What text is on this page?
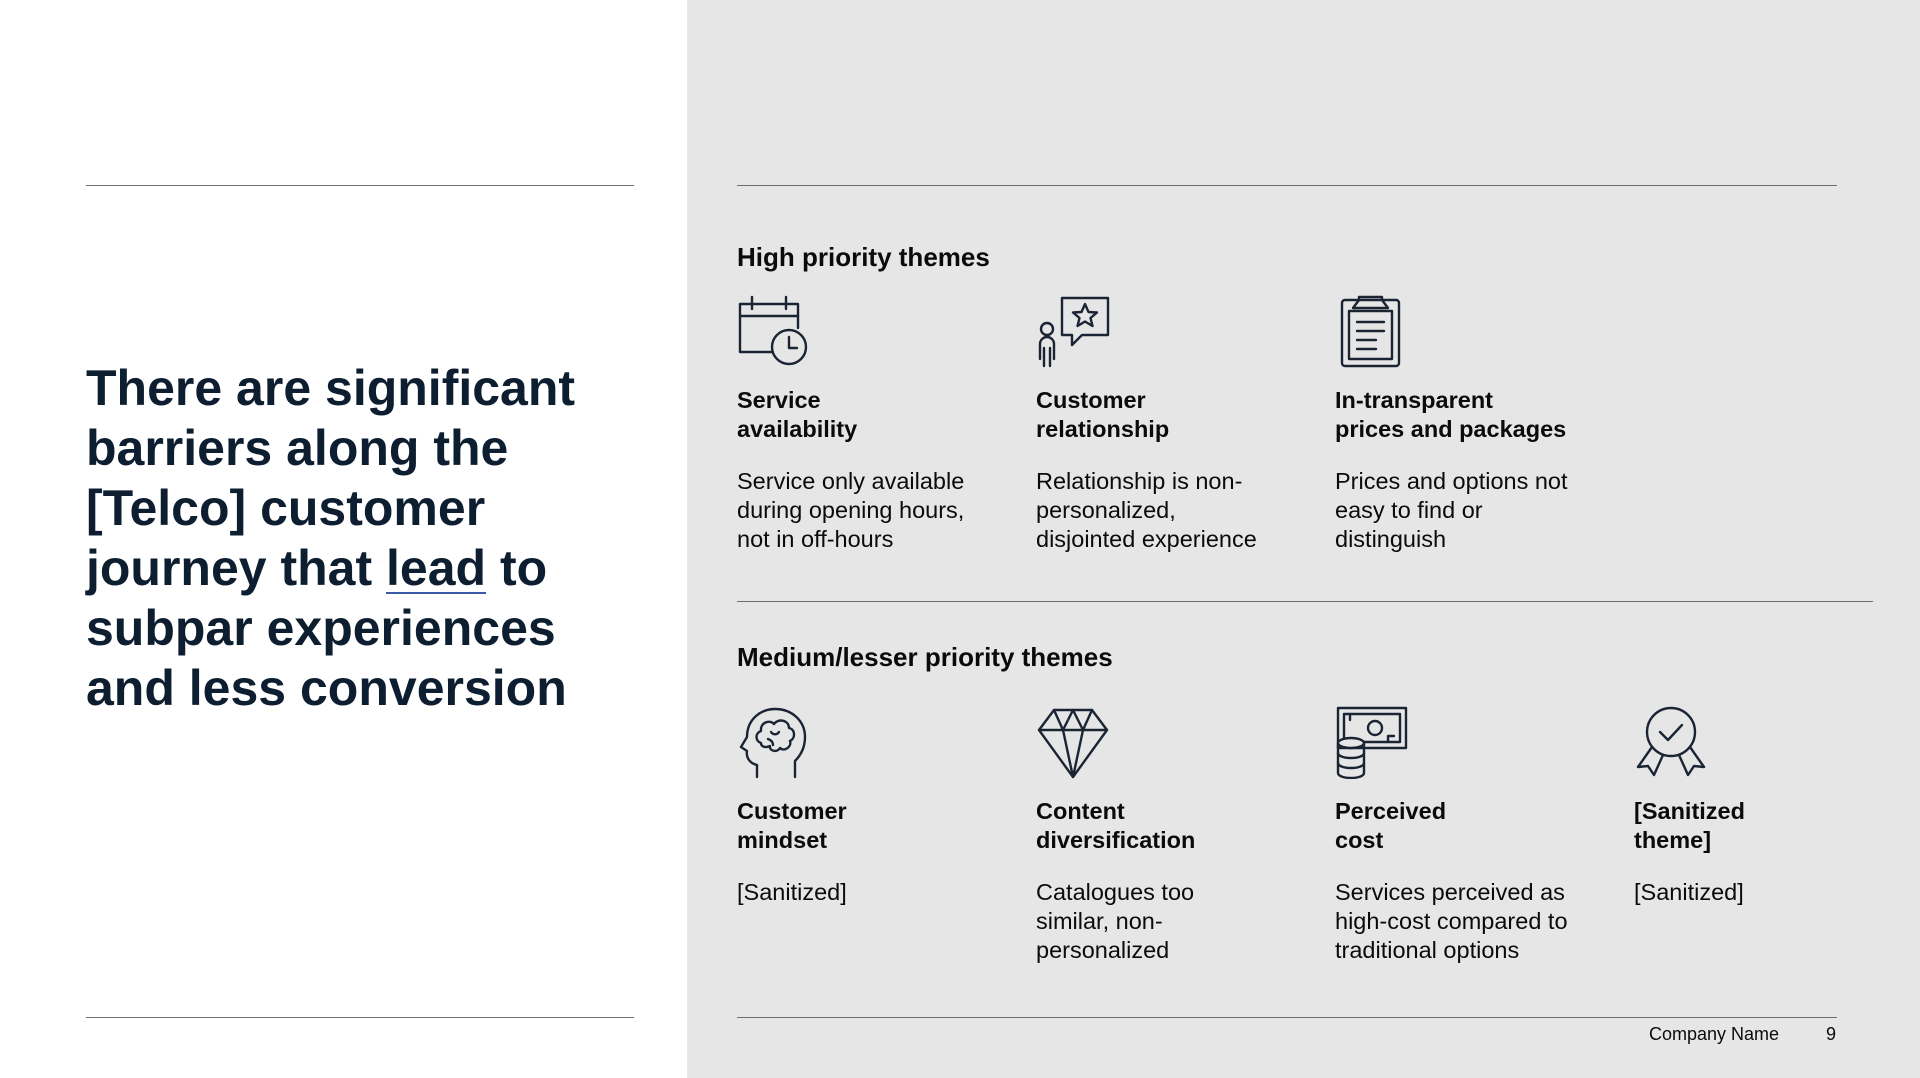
There are significant barriers along the [Telco] customer journey that lead to subpar experiences and less conversion
High priority themes
Service
availability
Service only available
during opening hours,
not in off-hours
Customer
relationship
Relationship is non-
personalized,
disjointed experience
In-transparent
prices and packages
Prices and options not
easy to find or
distinguish
Medium/lesser priority themes
Customer
mindset
[Sanitized]
Content
diversification
Catalogues too
similar, non-
personalized
Perceived
cost
Services perceived as
high-cost compared to
traditional options
[Sanitized
theme]
[Sanitized]
Company Name	9
